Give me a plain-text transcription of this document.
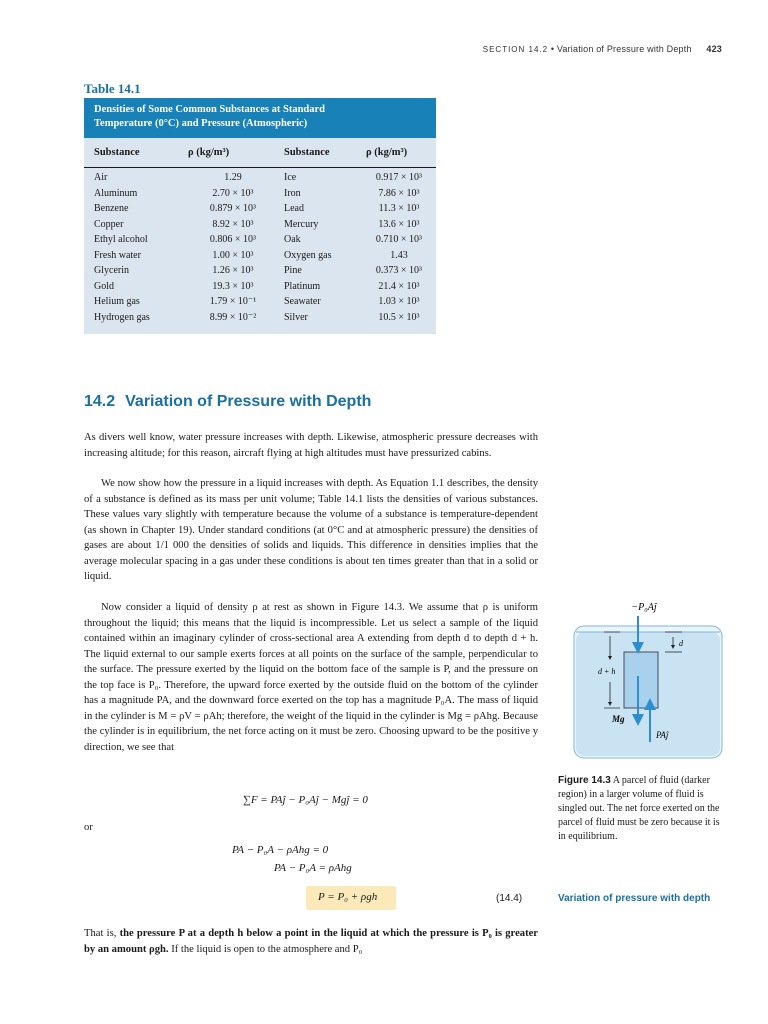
SECTION 14.2 • Variation of Pressure with Depth 423
Table 14.1
Densities of Some Common Substances at Standard
Temperature (0°C) and Pressure (Atmospheric)
Substance	ρ (kg/m³)	Substance	ρ (kg/m³)
Air	1.29	Ice	0.917 × 10³
Aluminum	2.70 × 10³	Iron	7.86 × 10³
Benzene	0.879 × 10³	Lead	11.3 × 10³
Copper	8.92 × 10³	Mercury	13.6 × 10³
Ethyl alcohol	0.806 × 10³	Oak	0.710 × 10³
Fresh water	1.00 × 10³	Oxygen gas	1.43
Glycerin	1.26 × 10³	Pine	0.373 × 10³
Gold	19.3 × 10³	Platinum	21.4 × 10³
Helium gas	1.79 × 10⁻¹	Seawater	1.03 × 10³
Hydrogen gas	8.99 × 10⁻²	Silver	10.5 × 10³
14.2 Variation of Pressure with Depth
As divers well know, water pressure increases with depth. Likewise, atmospheric pressure decreases with increasing altitude; for this reason, aircraft flying at high altitudes must have pressurized cabins.
We now show how the pressure in a liquid increases with depth. As Equation 1.1 describes, the density of a substance is defined as its mass per unit volume; Table 14.1 lists the densities of various substances. These values vary slightly with temperature because the volume of a substance is temperature-dependent (as shown in Chapter 19). Under standard conditions (at 0°C and at atmospheric pressure) the densities of gases are about 1/1 000 the densities of solids and liquids. This difference in densities implies that the average molecular spacing in a gas under these conditions is about ten times greater than that in a solid or liquid.
Now consider a liquid of density ρ at rest as shown in Figure 14.3. We assume that ρ is uniform throughout the liquid; this means that the liquid is incompressible. Let us select a sample of the liquid contained within an imaginary cylinder of cross-sectional area A extending from depth d to depth d + h. The liquid external to our sample exerts forces at all points on the surface of the sample, perpendicular to the surface. The pressure exerted by the liquid on the bottom face of the sample is P, and the pressure on the top face is P₀. Therefore, the upward force exerted by the outside fluid on the bottom of the cylinder has a magnitude PA, and the downward force exerted on the top has a magnitude P₀A. The mass of liquid in the cylinder is M = ρV = ρAh; therefore, the weight of the liquid in the cylinder is Mg = ρAhg. Because the cylinder is in equilibrium, the net force acting on it must be zero. Choosing upward to be the positive y direction, we see that
∑F = PAĵ − P₀Aĵ − Mgĵ = 0
or
PA − P₀A − ρAhg = 0
PA − P₀A = ρAhg
P = P₀ + ρgh	(14.4)	Variation of pressure with depth
That is, the pressure P at a depth h below a point in the liquid at which the pressure is P₀ is greater by an amount ρgh. If the liquid is open to the atmosphere and P₀
−P₀Aĵ
d
d + h
Mg
PAĵ
Figure 14.3 A parcel of fluid (darker region) in a larger volume of fluid is singled out. The net force exerted on the parcel of fluid must be zero because it is in equilibrium.
